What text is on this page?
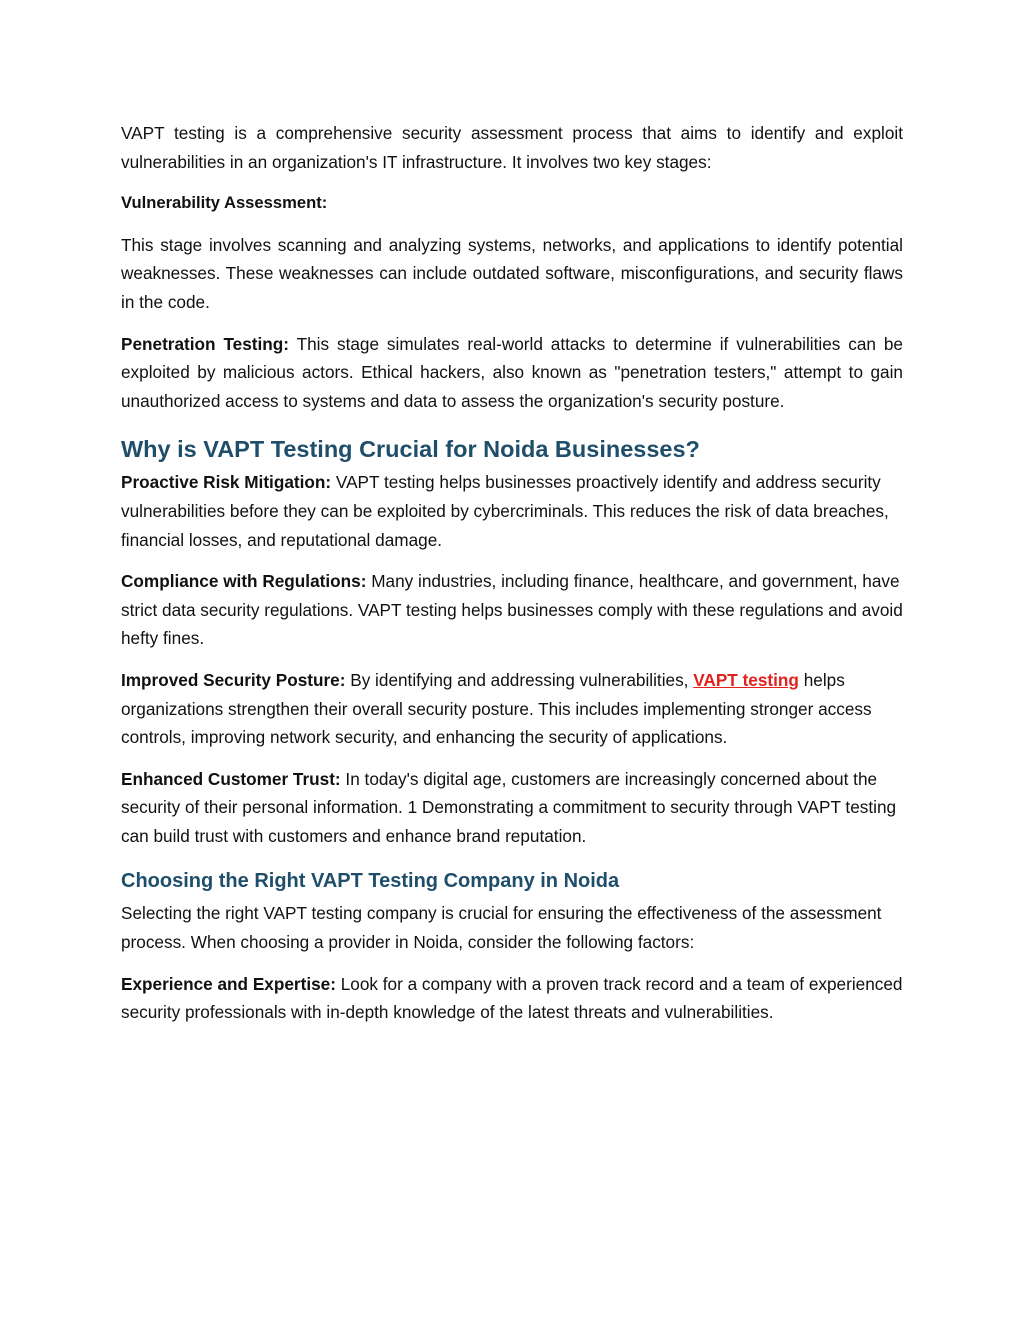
VAPT testing is a comprehensive security assessment process that aims to identify and exploit vulnerabilities in an organization's IT infrastructure. It involves two key stages:

Vulnerability Assessment:

This stage involves scanning and analyzing systems, networks, and applications to identify potential weaknesses. These weaknesses can include outdated software, misconfigurations, and security flaws in the code.

Penetration Testing: This stage simulates real-world attacks to determine if vulnerabilities can be exploited by malicious actors. Ethical hackers, also known as "penetration testers," attempt to gain unauthorized access to systems and data to assess the organization's security posture.

Why is VAPT Testing Crucial for Noida Businesses?

Proactive Risk Mitigation: VAPT testing helps businesses proactively identify and address security vulnerabilities before they can be exploited by cybercriminals. This reduces the risk of data breaches, financial losses, and reputational damage.

Compliance with Regulations: Many industries, including finance, healthcare, and government, have strict data security regulations. VAPT testing helps businesses comply with these regulations and avoid hefty fines.

Improved Security Posture: By identifying and addressing vulnerabilities, VAPT testing helps organizations strengthen their overall security posture. This includes implementing stronger access controls, improving network security, and enhancing the security of applications.

Enhanced Customer Trust: In today's digital age, customers are increasingly concerned about the security of their personal information. 1 Demonstrating a commitment to security through VAPT testing can build trust with customers and enhance brand reputation.

Choosing the Right VAPT Testing Company in Noida

Selecting the right VAPT testing company is crucial for ensuring the effectiveness of the assessment process. When choosing a provider in Noida, consider the following factors:

Experience and Expertise: Look for a company with a proven track record and a team of experienced security professionals with in-depth knowledge of the latest threats and vulnerabilities.
